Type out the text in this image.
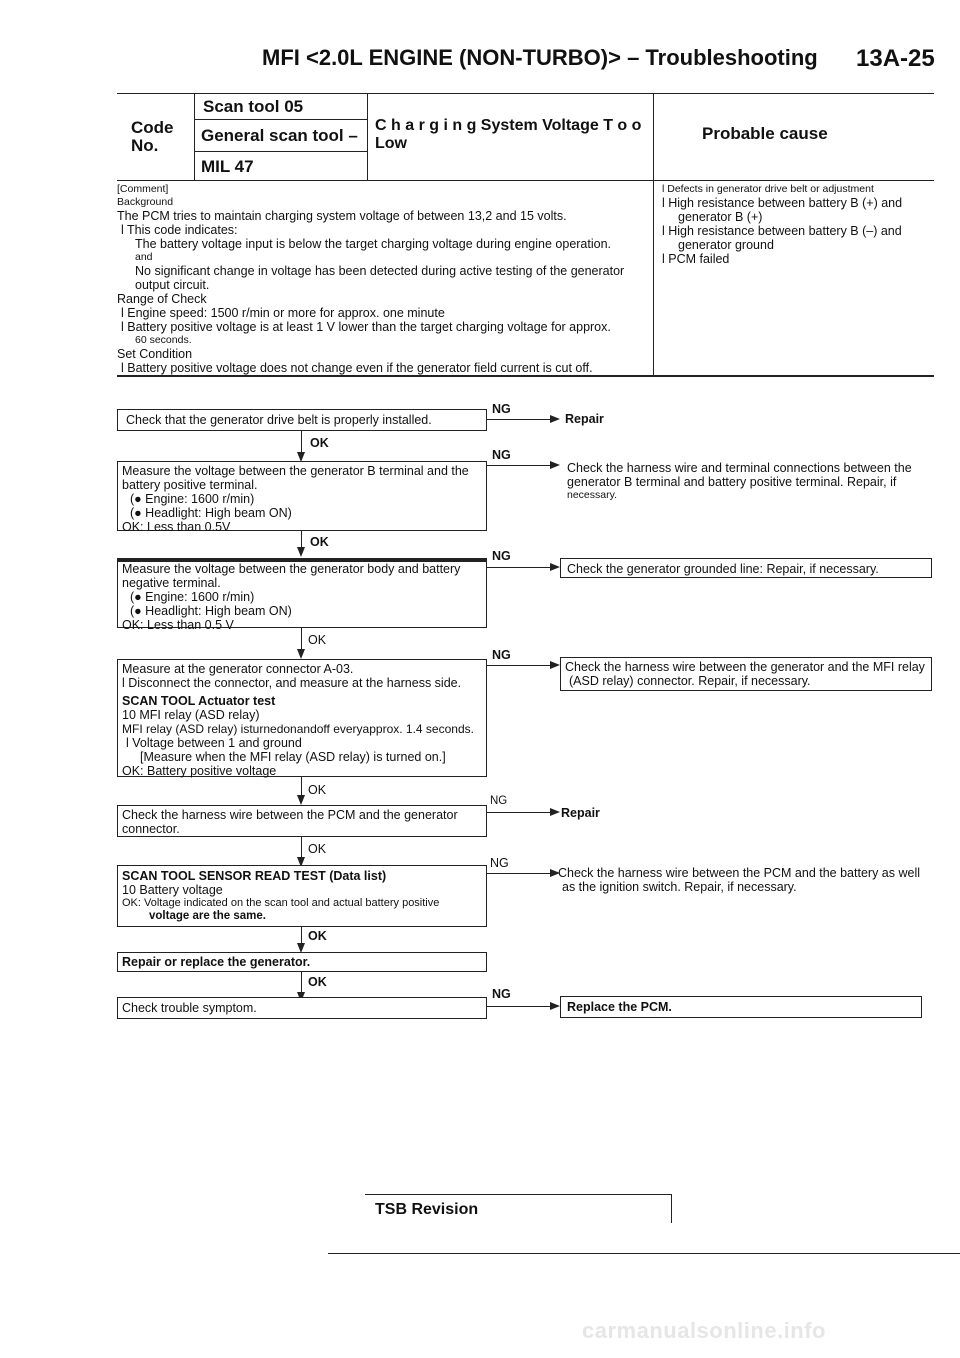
MFI <2.0L ENGINE (NON-TURBO)> – Troubleshooting 13A-25
Code
No.
Scan tool 05
General scan tool –
MIL 47
C h a r g i n g System Voltage T o o
Low
Probable cause
[Comment]
Background
The PCM tries to maintain charging system voltage of between 13,2 and 15 volts.
l This code indicates:
The battery voltage input is below the target charging voltage during engine operation.
and
No significant change in voltage has been detected during active testing of the generator
output circuit.
Range of Check
l Engine speed: 1500 r/min or more for approx. one minute
l Battery positive voltage is at least 1 V lower than the target charging voltage for approx.
60 seconds.
Set Condition
l Battery positive voltage does not change even if the generator field current is cut off.
l Defects in generator drive belt or adjustment
l High resistance between battery B (+) and
generator B (+)
l High resistance between battery B (–) and
generator ground
l PCM failed
Check that the generator drive belt is properly installed.
NG
Repair
OK
Measure the voltage between the generator B terminal and the
battery positive terminal.
(● Engine: 1600 r/min)
(● Headlight: High beam ON)
OK: Less than 0.5V
NG
Check the harness wire and terminal connections between the
generator B terminal and battery positive terminal. Repair, if
necessary.
OK
Measure the voltage between the generator body and battery
negative terminal.
(● Engine: 1600 r/min)
(● Headlight: High beam ON)
OK: Less than 0.5 V
NG
Check the generator grounded line: Repair, if necessary.
OK
Measure at the generator connector A-03.
l Disconnect the connector, and measure at the harness side.
SCAN TOOL Actuator test
10 MFI relay (ASD relay)
MFI relay (ASD relay) isturnedonandoff everyapprox. 1.4 seconds.
l Voltage between 1 and ground
[Measure when the MFI relay (ASD relay) is turned on.]
OK: Battery positive voltage
NG
Check the harness wire between the generator and the MFI relay
(ASD relay) connector. Repair, if necessary.
OK
Check the harness wire between the PCM and the generator
connector.
NG
Repair
OK
SCAN TOOL SENSOR READ TEST (Data list)
10 Battery voltage
OK: Voltage indicated on the scan tool and actual battery positive
voltage are the same.
NG
Check the harness wire between the PCM and the battery as well
as the ignition switch. Repair, if necessary.
OK
Repair or replace the generator.
OK
Check trouble symptom.
NG
Replace the PCM.
TSB Revision
carmanualsonline.info
